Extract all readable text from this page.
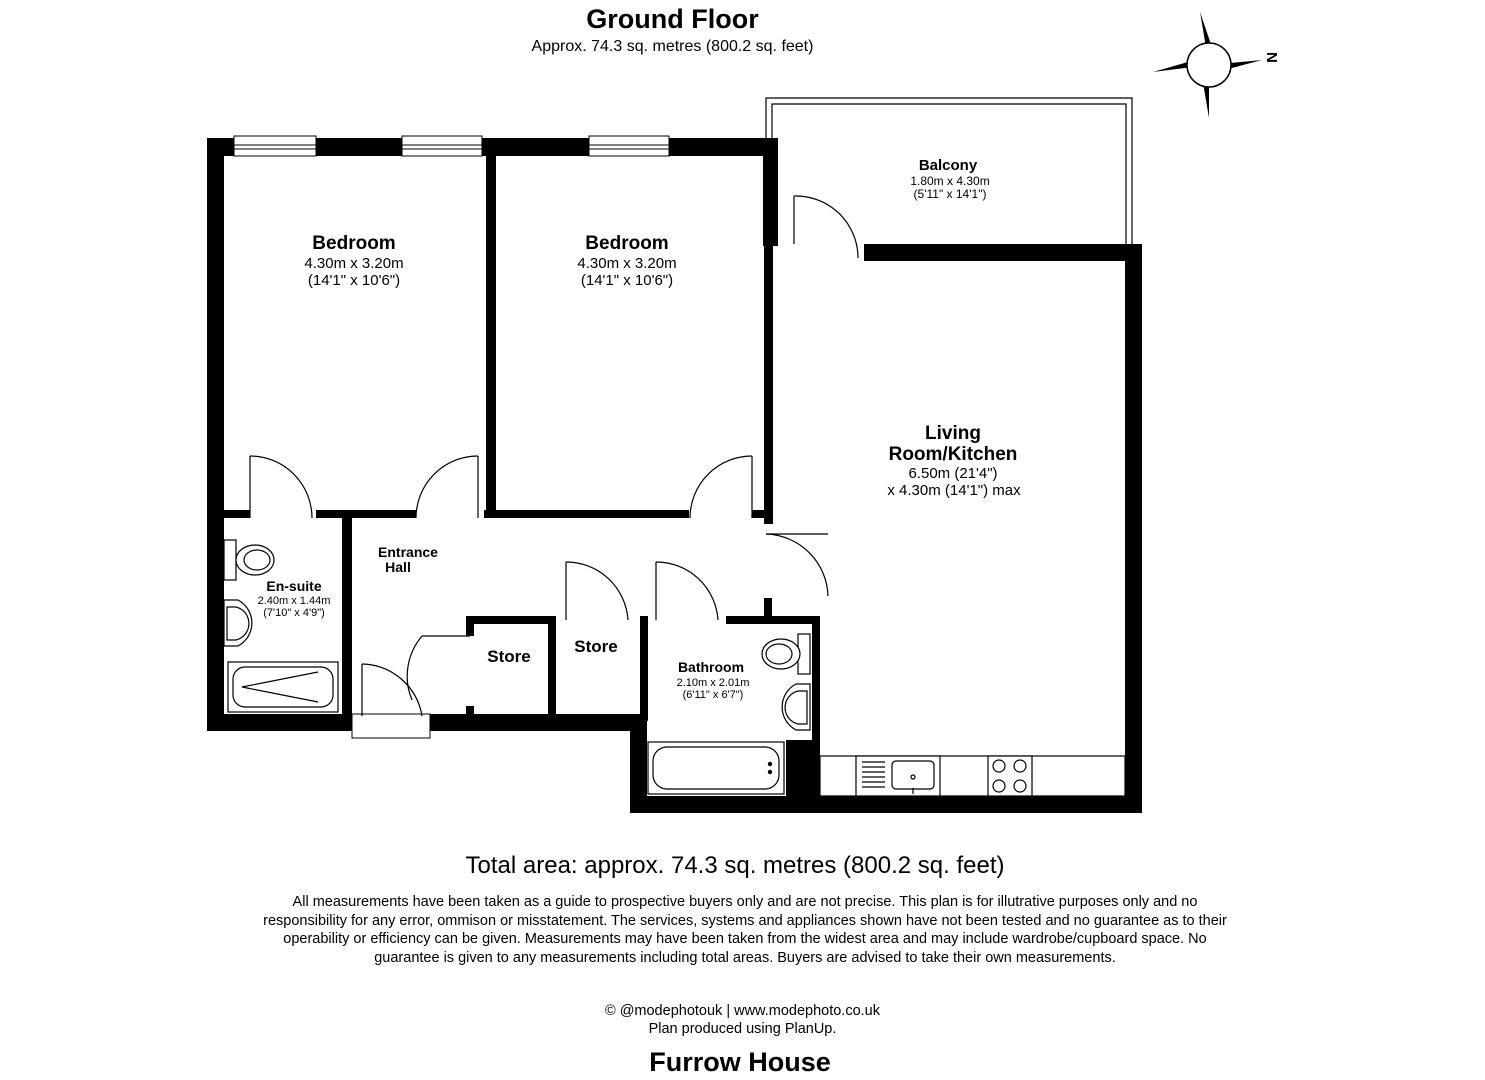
Ground Floor
Approx. 74.3 sq. metres (800.2 sq. feet)
N
Bedroom
4.30m x 3.20m
(14'1" x 10'6")
Bedroom
4.30m x 3.20m
(14'1" x 10'6")
Balcony
1.80m x 4.30m
(5'11" x 14'1")
Living
Room/Kitchen
6.50m (21'4")
x 4.30m (14'1") max
Entrance
Hall
En-suite
2.40m x 1.44m
(7'10" x 4'9")
Store
Store
Bathroom
2.10m x 2.01m
(6'11" x 6'7")
Total area: approx. 74.3 sq. metres (800.2 sq. feet)
All measurements have been taken as a guide to prospective buyers only and are not precise. This plan is for illutrative purposes only and no responsibility for any error, ommison or misstatement. The services, systems and appliances shown have not been tested and no guarantee as to their operability or efficiency can be given. Measurements may have been taken from the widest area and may include wardrobe/cupboard space. No guarantee is given to any measurements including total areas. Buyers are advised to take their own measurements.
© @modephotouk | www.modephoto.co.uk
Plan produced using PlanUp.
Furrow House
